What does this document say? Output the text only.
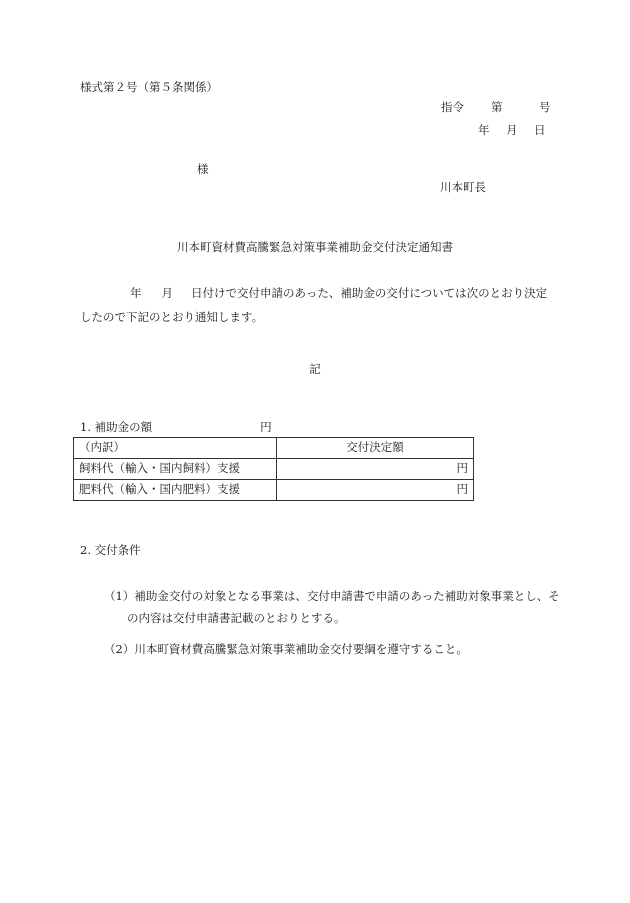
様式第２号（第５条関係）
指令 第	号
年 月 日
様
川本町長
川本町資材費高騰緊急対策事業補助金交付決定通知書
年 月 日付けで交付申請のあった、補助金の交付については次のとおり決定
したので下記のとおり通知します。
記
1. 補助金の額	円
（内訳）	交付決定額
飼料代（輸入・国内飼料）支援	円
肥料代（輸入・国内肥料）支援	円
2. 交付条件
（1）補助金交付の対象となる事業は、交付申請書で申請のあった補助対象事業とし、そ
の内容は交付申請書記載のとおりとする。
（2）川本町資材費高騰緊急対策事業補助金交付要綱を遵守すること。
